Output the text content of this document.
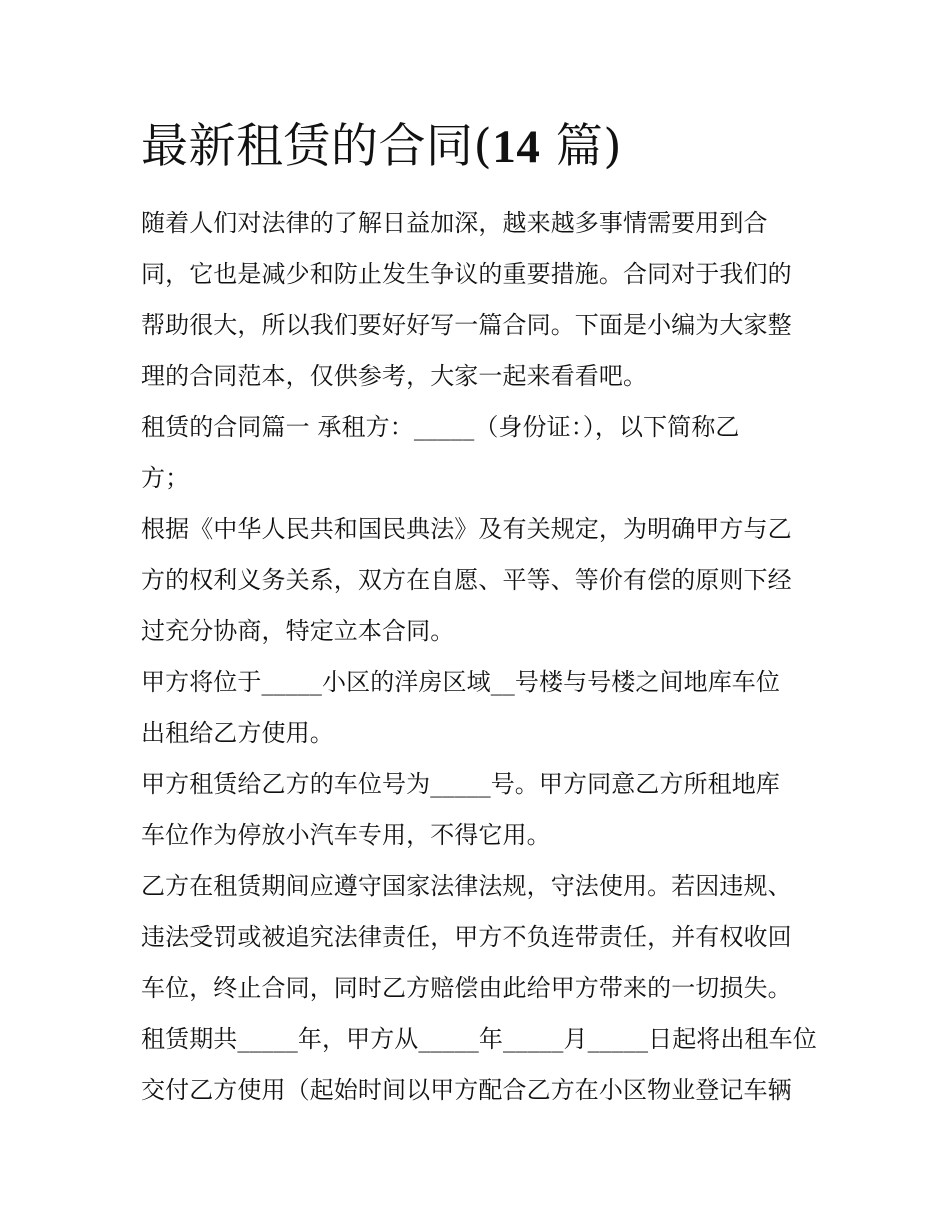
最新租赁的合同(14 篇)
随着人们对法律的了解日益加深，越来越多事情需要用到合
同，它也是减少和防止发生争议的重要措施。合同对于我们的
帮助很大，所以我们要好好写一篇合同。下面是小编为大家整
理的合同范本，仅供参考，大家一起来看看吧。
租赁的合同篇一 承租方：_____（身份证：），以下简称乙
方；
根据《中华人民共和国民典法》及有关规定，为明确甲方与乙
方的权利义务关系，双方在自愿、平等、等价有偿的原则下经
过充分协商，特定立本合同。
甲方将位于_____小区的洋房区域__号楼与号楼之间地库车位
出租给乙方使用。
甲方租赁给乙方的车位号为_____号。甲方同意乙方所租地库
车位作为停放小汽车专用，不得它用。
乙方在租赁期间应遵守国家法律法规，守法使用。若因违规、
违法受罚或被追究法律责任，甲方不负连带责任，并有权收回
车位，终止合同，同时乙方赔偿由此给甲方带来的一切损失。
租赁期共_____年，甲方从_____年_____月_____日起将出租车位
交付乙方使用（起始时间以甲方配合乙方在小区物业登记车辆
